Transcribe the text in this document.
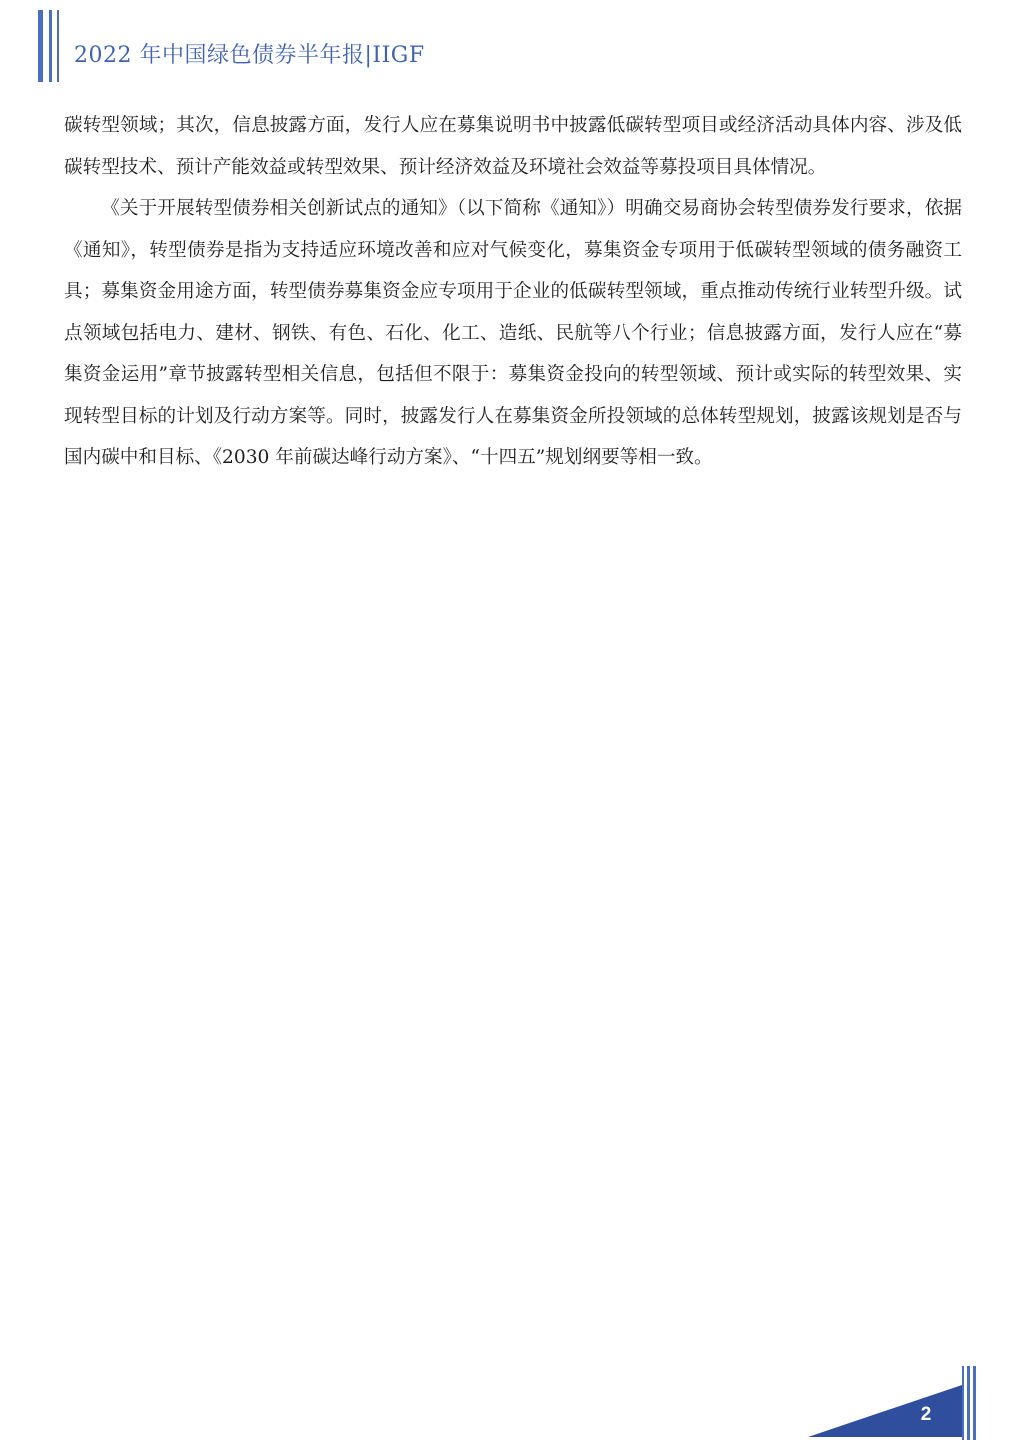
2022 年中国绿色债券半年报|IIGF

碳转型领域；其次，信息披露方面，发行人应在募集说明书中披露低碳转型项目或经济活动具体内容、涉及低碳转型技术、预计产能效益或转型效果、预计经济效益及环境社会效益等募投项目具体情况。

《关于开展转型债券相关创新试点的通知》（以下简称《通知》）明确交易商协会转型债券发行要求，依据《通知》，转型债券是指为支持适应环境改善和应对气候变化，募集资金专项用于低碳转型领域的债务融资工具；募集资金用途方面，转型债券募集资金应专项用于企业的低碳转型领域，重点推动传统行业转型升级。试点领域包括电力、建材、钢铁、有色、石化、化工、造纸、民航等八个行业；信息披露方面，发行人应在“募集资金运用”章节披露转型相关信息，包括但不限于：募集资金投向的转型领域、预计或实际的转型效果、实现转型目标的计划及行动方案等。同时，披露发行人在募集资金所投领域的总体转型规划，披露该规划是否与国内碳中和目标、《2030 年前碳达峰行动方案》、“十四五”规划纲要等相一致。

2
